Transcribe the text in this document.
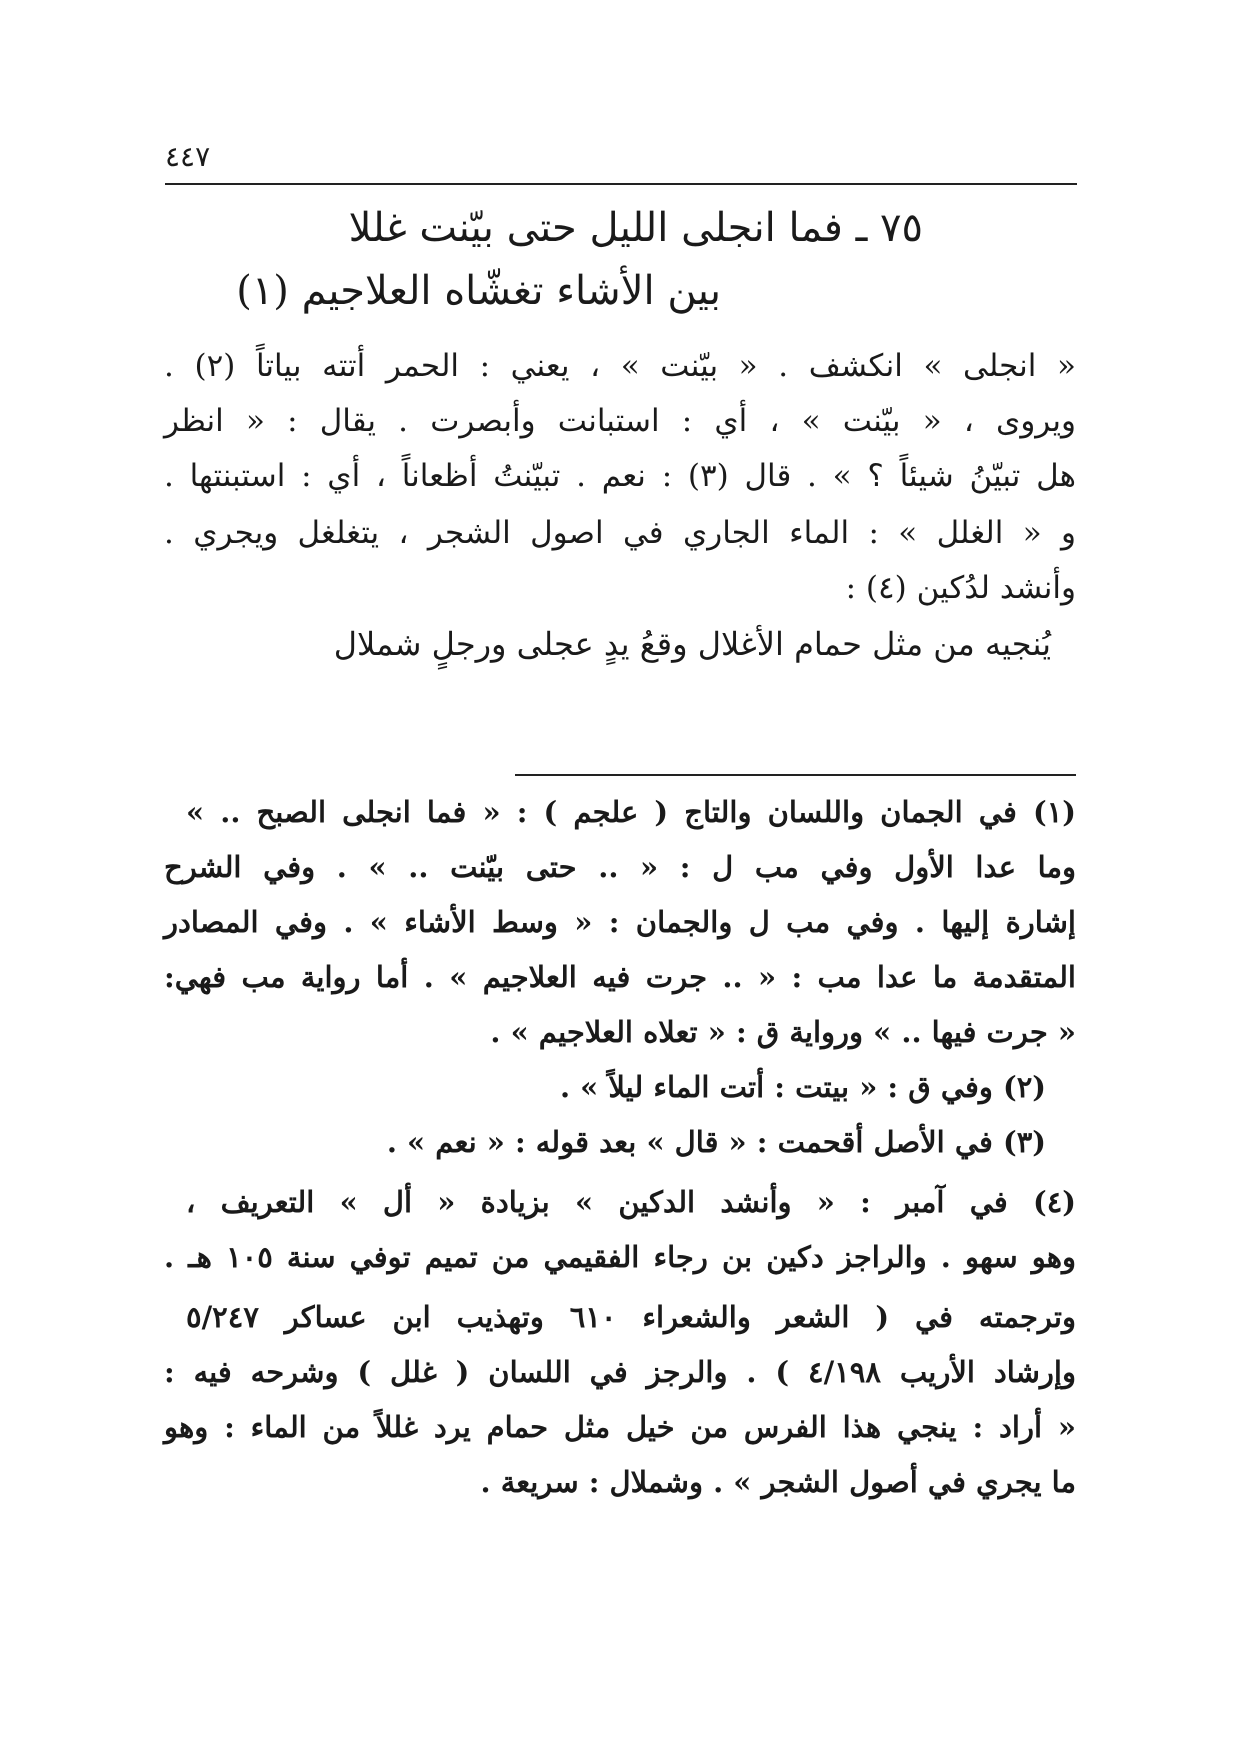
٤٤٧
٧٥ ـ فما انجلى الليل حتى بيّنت غللا
بين الأشاء تغشّاه العلاجيم (١)
« انجلى » انكشف . « بيّنت » ، يعني : الحمر أتته بياتاً (٢) .
ويروى ، « بيّنت » ، أي : استبانت وأبصرت . يقال : « انظر
هل تبيّنُ شيئاً ؟ » . قال (٣) : نعم . تبيّنتُ أظعاناً ، أي : استبنتها .
و « الغلل » : الماء الجاري في اصول الشجر ، يتغلغل ويجري .
وأنشد لدُكين (٤) :
يُنجيه من مثل حمام الأغلال وقعُ يدٍ عجلى ورجلٍ شملال
(١) في الجمان واللسان والتاج ( علجم ) : « فما انجلى الصبح .. »
وما عدا الأول وفي مب ل : « .. حتى بيّنت .. » . وفي الشرح
إشارة إليها . وفي مب ل والجمان : « وسط الأشاء » . وفي المصادر
المتقدمة ما عدا مب : « .. جرت فيه العلاجيم » . أما رواية مب فهي:
« جرت فيها .. » ورواية ق : « تعلاه العلاجيم » .
(٢) وفي ق : « بيتت : أتت الماء ليلاً » .
(٣) في الأصل أقحمت : « قال » بعد قوله : « نعم » .
(٤) في آمبر : « وأنشد الدكين » بزيادة « أل » التعريف ،
وهو سهو . والراجز دكين بن رجاء الفقيمي من تميم توفي سنة ١٠٥ هـ .
وترجمته في ( الشعر والشعراء ٦١٠ وتهذيب ابن عساكر ٥/٢٤٧
وإرشاد الأريب ٤/١٩٨ ) . والرجز في اللسان ( غلل ) وشرحه فيه :
« أراد : ينجي هذا الفرس من خيل مثل حمام يرد غللاً من الماء : وهو
ما يجري في أصول الشجر » . وشملال : سريعة .
